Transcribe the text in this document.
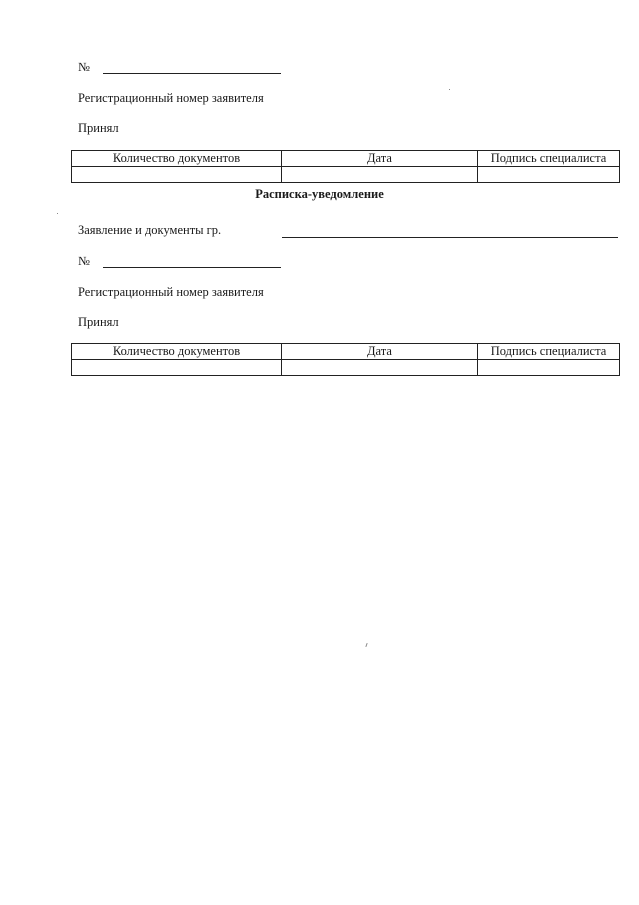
№
Регистрационный номер заявителя
Принял
Количество документов	Дата	Подпись специалиста

Расписка-уведомление
Заявление и документы гр.
№
Регистрационный номер заявителя
Принял
Количество документов	Дата	Подпись специалиста
